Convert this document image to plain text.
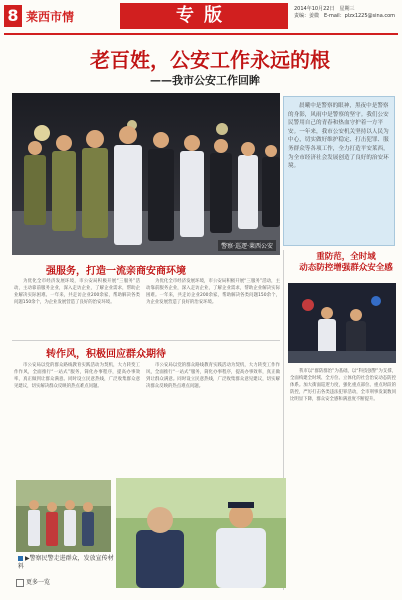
8 莱西市情	专版	2014年10月22日　星期三
责编：姜微　E-mail：plzx1225@sina.com
老百姓，公安工作永远的根
——我市公安工作回眸
警察·巡逻·莱西公安
晨曦中是警察的眼神，黑夜中是警察的身影，风雨中是警察的坚守。我们公安民警用自己的青春和热血守护着一方平安。一年来，我市公安机关坚持以人民为中心，切实做好维护稳定、打击犯罪、服务群众等各项工作，全力打造平安莱西，为全市经济社会发展创造了良好的治安环境。
强服务，打造一流亲商安商环境
为优化全市经济发展环境，市公安局积极开展“三服务”活动，主动靠前服务企业，深入走访企业，了解企业需求，帮助企业解决实际困难。一年来，共走访企业200余家，帮助解决各类问题150余个，为企业发展营造了良好的治安环境。
为优化全市经济发展环境，市公安局积极开展“三服务”活动，主动靠前服务企业，深入走访企业，了解企业需求，帮助企业解决实际困难。一年来，共走访企业200余家，帮助解决各类问题150余个，为企业发展营造了良好的治安环境。
转作风，积极回应群众期待
市公安局以党的群众路线教育实践活动为契机，大力转变工作作风，全面推行“一站式”服务，简化办事程序，提高办事效率，真正做到让群众满意。同时设立民意热线，广泛收集群众意见建议，切实解决群众反映的热点难点问题。
市公安局以党的群众路线教育实践活动为契机，大力转变工作作风，全面推行“一站式”服务，简化办事程序，提高办事效率，真正做到让群众满意。同时设立民意热线，广泛收集群众意见建议，切实解决群众反映的热点难点问题。
重防范，全时域
动态防控增强群众安全感
我市以“群防群治”为基础，以“科技强警”为支撑，全面构建全时域、全方位、立体化的社会治安动态防控体系。加大街面巡逻力度，强化重点部位、重点时段的防控，严厉打击各类违法犯罪活动，全市刑事发案数同比明显下降，群众安全感和满意度不断提升。
▶警察民警走进群众，发放宣传材料
更多一览
